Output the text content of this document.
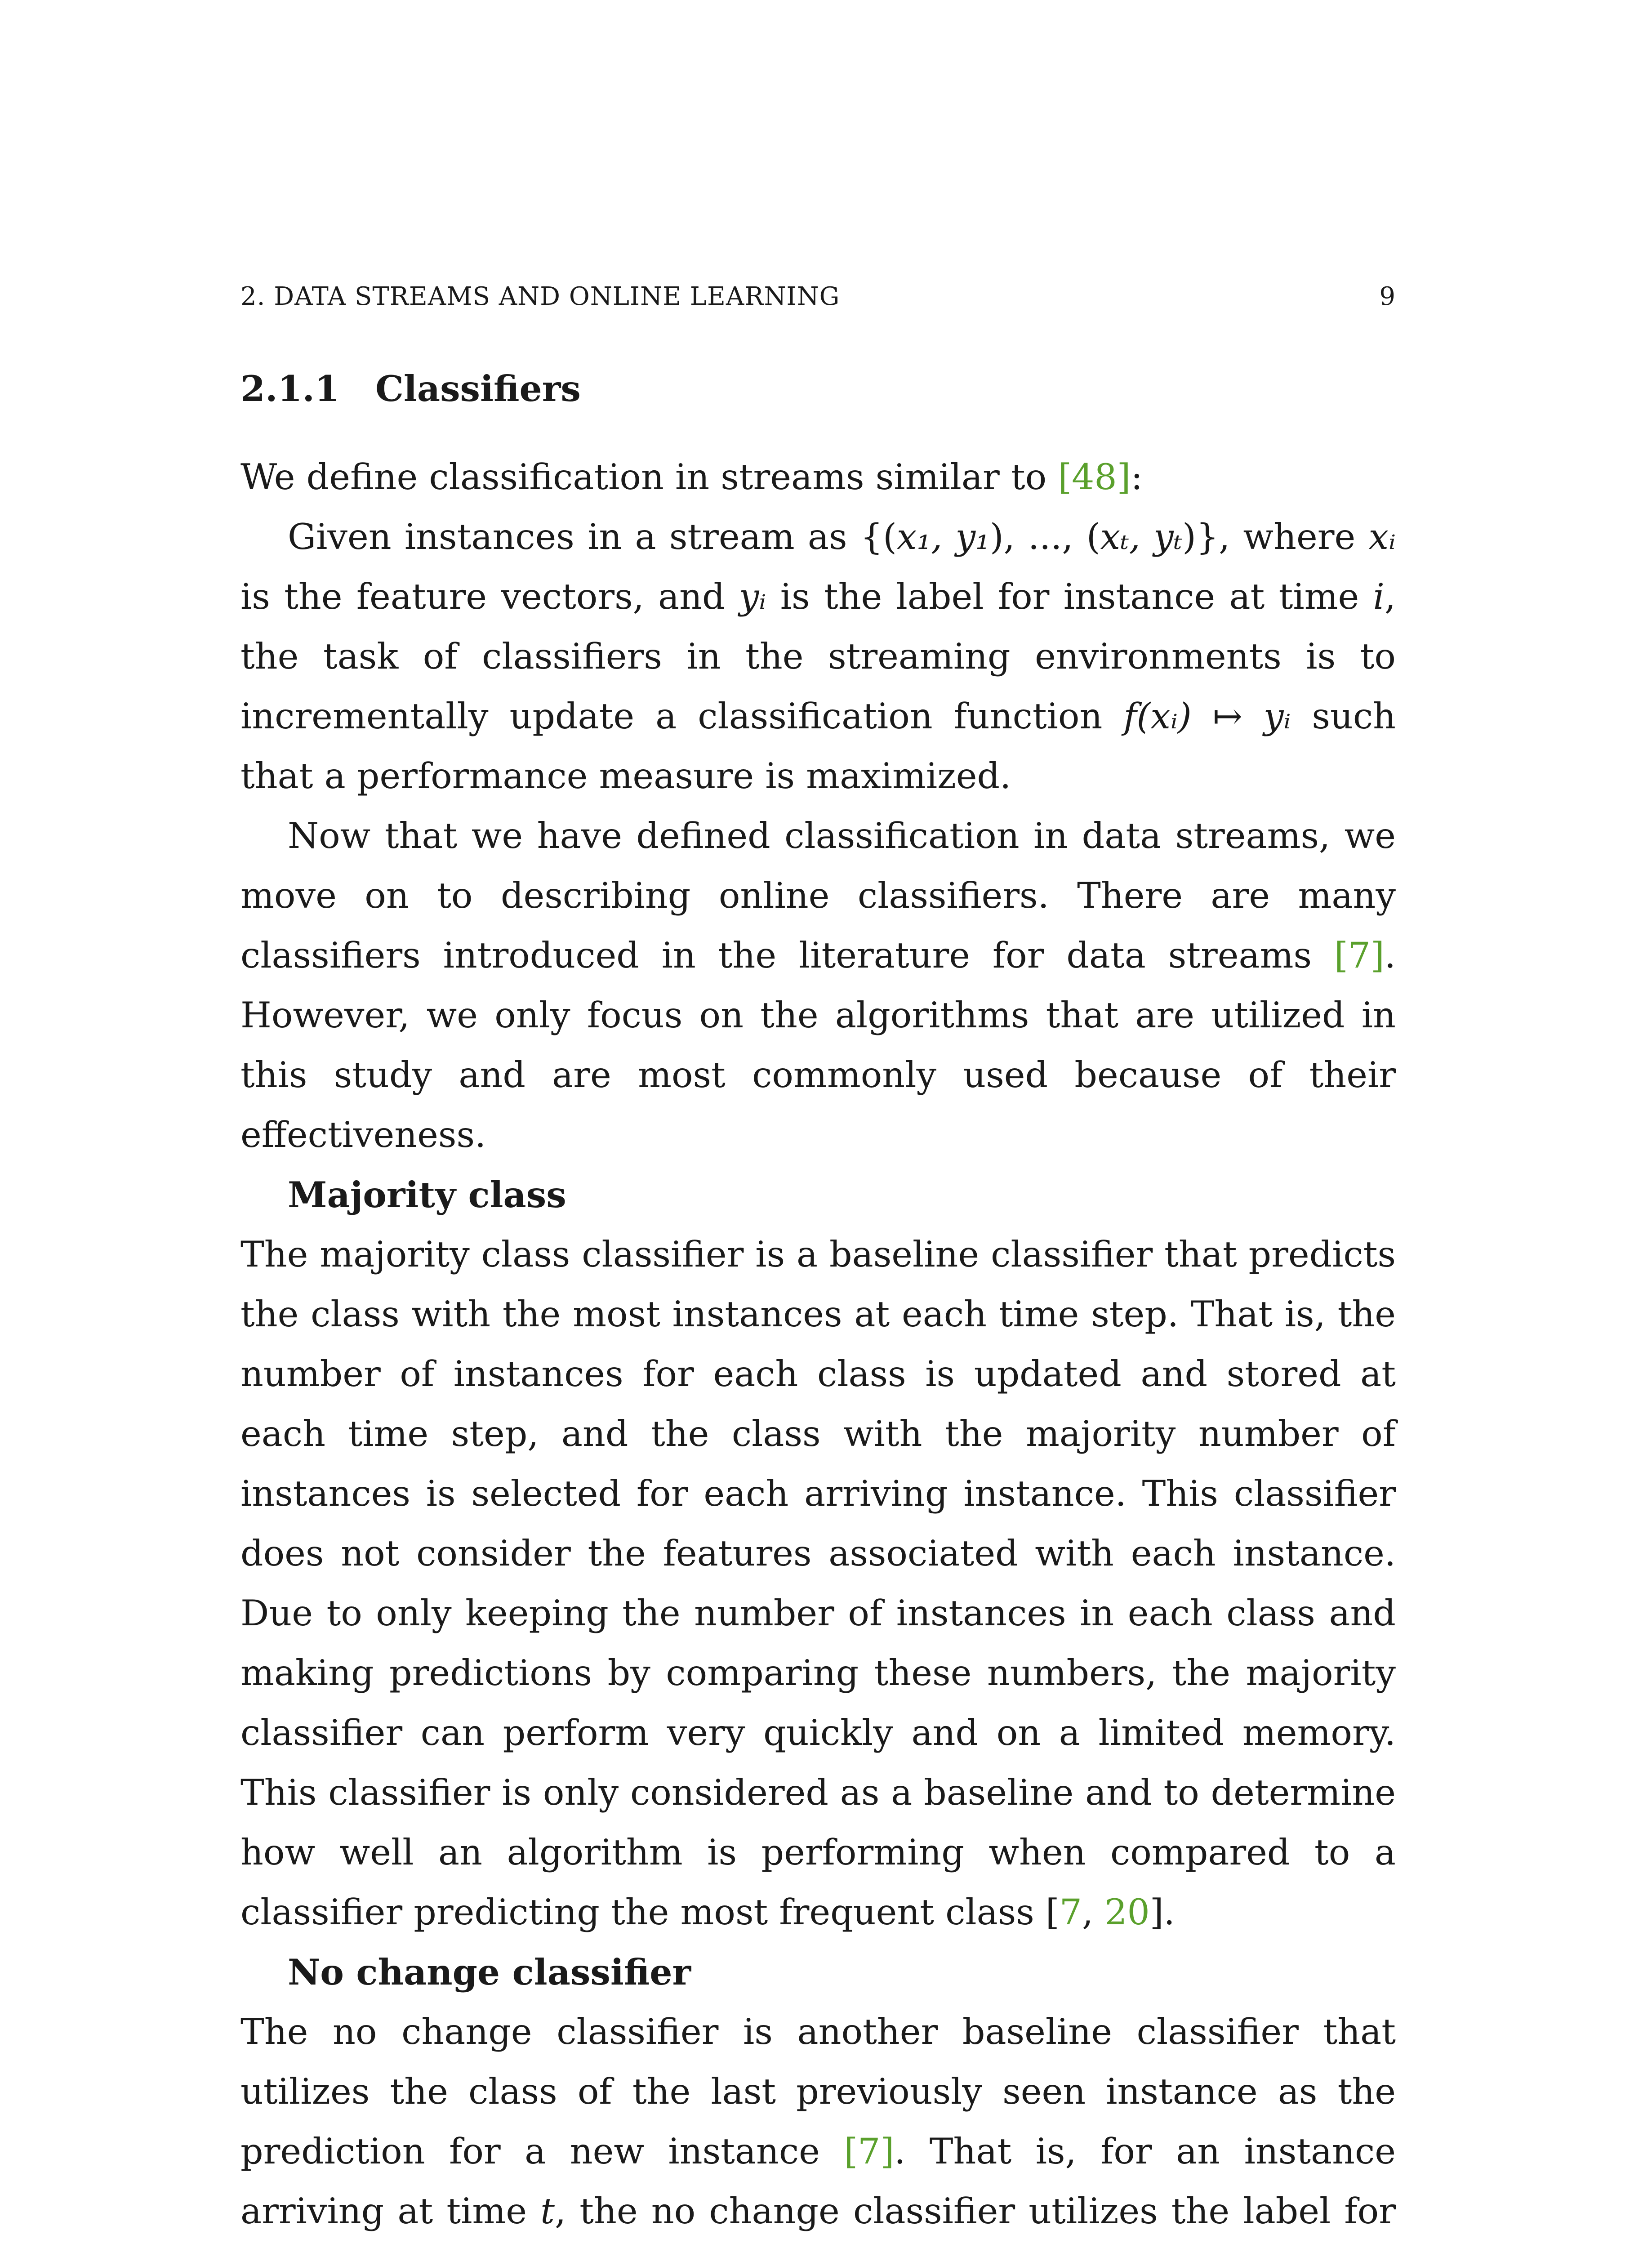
2. DATA STREAMS AND ONLINE LEARNING	9
2.1.1 Classifiers

We define classification in streams similar to [48]:

Given instances in a stream as {(x₁, y₁), ..., (xₜ, yₜ)}, where xᵢ is the feature vectors, and yᵢ is the label for instance at time i, the task of classifiers in the streaming environments is to incrementally update a classification function f(xᵢ) ↦ yᵢ such that a performance measure is maximized.

Now that we have defined classification in data streams, we move on to describing online classifiers. There are many classifiers introduced in the literature for data streams [7]. However, we only focus on the algorithms that are utilized in this study and are most commonly used because of their effectiveness.

Majority class

The majority class classifier is a baseline classifier that predicts the class with the most instances at each time step. That is, the number of instances for each class is updated and stored at each time step, and the class with the majority number of instances is selected for each arriving instance. This classifier does not consider the features associated with each instance. Due to only keeping the number of instances in each class and making predictions by comparing these numbers, the majority classifier can perform very quickly and on a limited memory. This classifier is only considered as a baseline and to determine how well an algorithm is performing when compared to a classifier predicting the most frequent class [7, 20].

No change classifier

The no change classifier is another baseline classifier that utilizes the class of the last previously seen instance as the prediction for a new instance [7]. That is, for an instance arriving at time t, the no change classifier utilizes the label for
